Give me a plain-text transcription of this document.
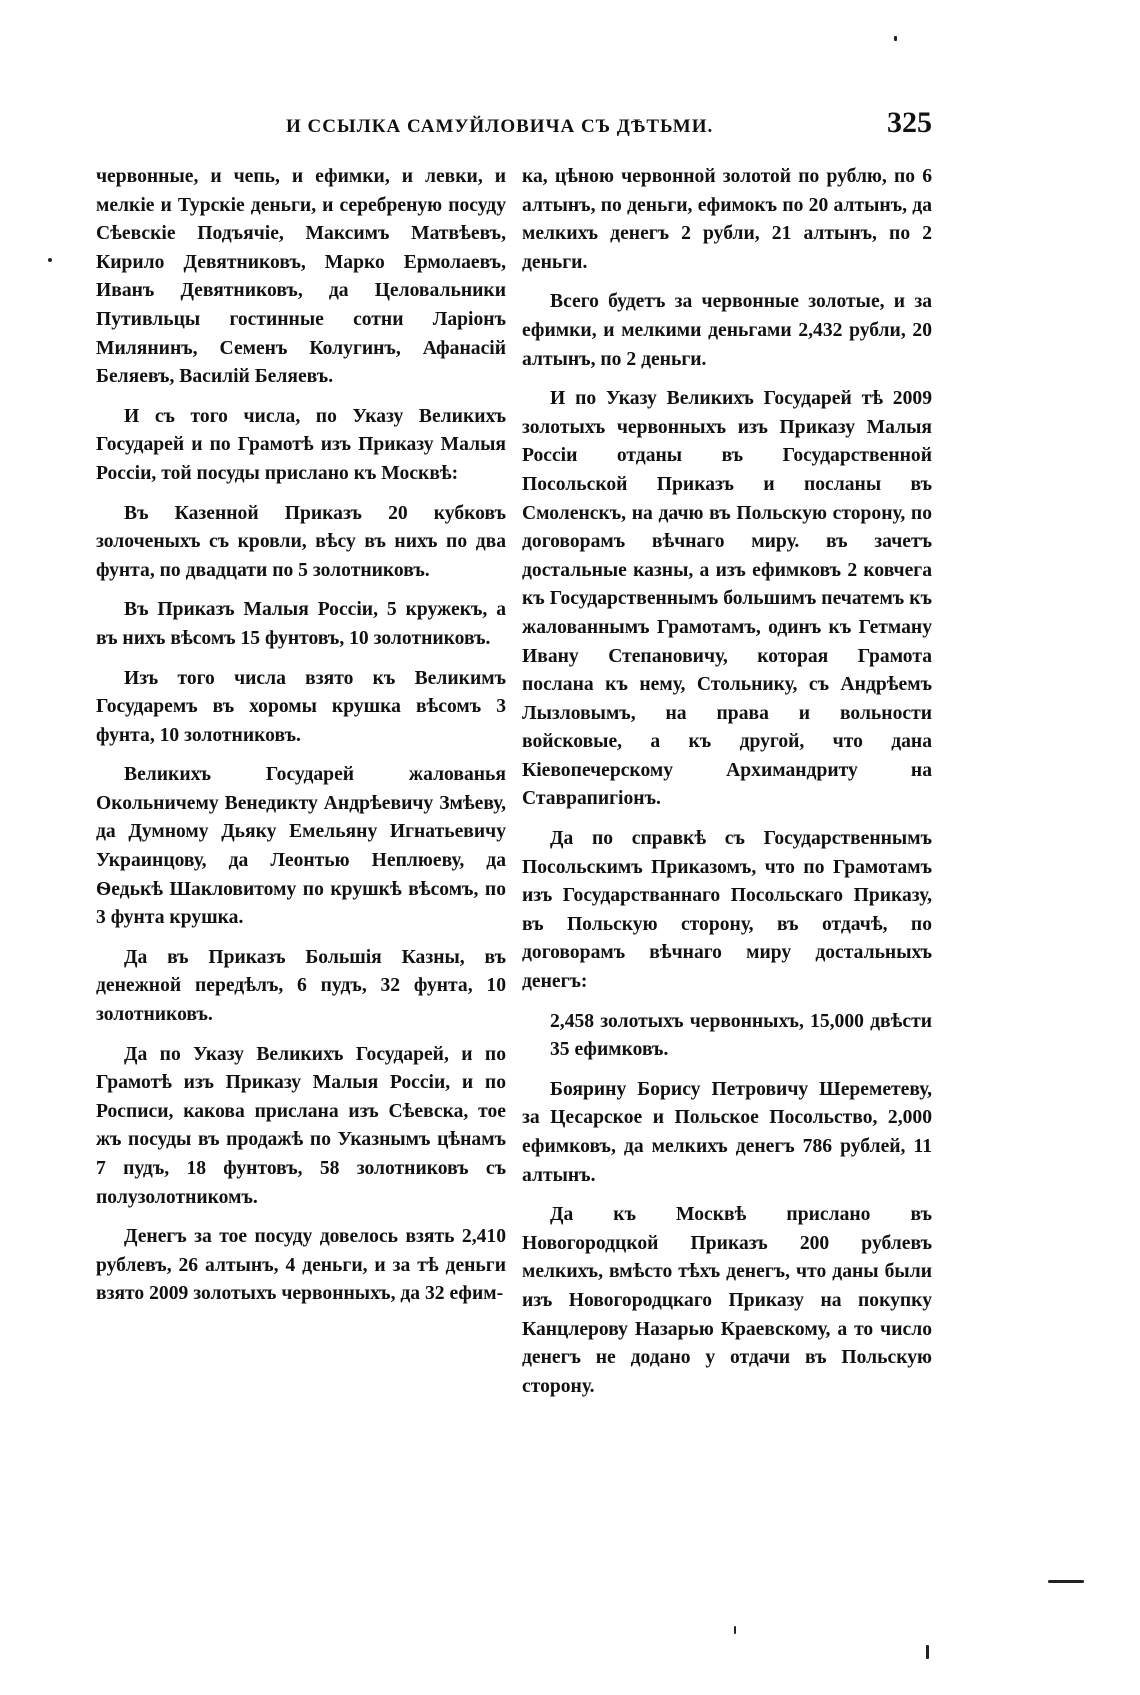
И ССЫЛКА САМУЙЛОВИЧА СЪ ДѢТЬМИ.	325

червонные, и чепь, и ефимки, и левки, и мелкіе и Турскіе деньги, и серебреную посуду Сѣевскіе Подъячіе, Максимъ Матвѣевъ, Кирило Девятниковъ, Марко Ермолаевъ, Иванъ Девятниковъ, да Целовальники Путивльцы гостинные сотни Ларіонъ Милянинъ, Семенъ Колугинъ, Афанасій Беляевъ, Василій Беляевъ.

И съ того числа, по Указу Великихъ Государей и по Грамотѣ изъ Приказу Малыя Россіи, той посуды прислано къ Москвѣ:

Въ Казенной Приказъ 20 кубковъ золоченыхъ съ кровли, вѣсу въ нихъ по два фунта, по двадцати по 5 золотниковъ.

Въ Приказъ Малыя Россіи, 5 кружекъ, а въ нихъ вѣсомъ 15 фунтовъ, 10 золотниковъ.

Изъ того числа взято къ Великимъ Государемъ въ хоромы крушка вѣсомъ 3 фунта, 10 золотниковъ.

Великихъ Государей жалованья Окольничему Венедикту Андрѣевичу Змѣеву, да Думному Дьяку Емельяну Игнатьевичу Украинцову, да Леонтью Неплюеву, да Ѳедькѣ Шакловитому по крушкѣ вѣсомъ, по 3 фунта крушка.

Да въ Приказъ Большія Казны, въ денежной передѣлъ, 6 пудъ, 32 фунта, 10 золотниковъ.

Да по Указу Великихъ Государей, и по Грамотѣ изъ Приказу Малыя Россіи, и по Росписи, какова прислана изъ Сѣевска, тое жъ посуды въ продажѣ по Указнымъ цѣнамъ 7 пудъ, 18 фунтовъ, 58 золотниковъ съ полузолотникомъ.

Денегъ за тое посуду довелось взять 2,410 рублевъ, 26 алтынъ, 4 деньги, и за тѣ деньги взято 2009 золотыхъ червонныхъ, да 32 ефим-

ка, цѣною червонной золотой по рублю, по 6 алтынъ, по деньги, ефимокъ по 20 алтынъ, да мелкихъ денегъ 2 рубли, 21 алтынъ, по 2 деньги.

Всего будетъ за червонные золотые, и за ефимки, и мелкими деньгами 2,432 рубли, 20 алтынъ, по 2 деньги.

И по Указу Великихъ Государей тѣ 2009 золотыхъ червонныхъ изъ Приказу Малыя Россіи отданы въ Государственной Посольской Приказъ и посланы въ Смоленскъ, на дачю въ Польскую сторону, по договорамъ вѣчнаго миру. въ зачетъ достальные казны, а изъ ефимковъ 2 ковчега къ Государственнымъ большимъ печатемъ къ жалованнымъ Грамотамъ, одинъ къ Гетману Ивану Степановичу, которая Грамота послана къ нему, Стольнику, съ Андрѣемъ Лызловымъ, на права и вольности войсковые, а къ другой, что дана Кіевопечерскому Архимандриту на Ставрапигіонъ.

Да по справкѣ съ Государственнымъ Посольскимъ Приказомъ, что по Грамотамъ изъ Государстваннаго Посольскаго Приказу, въ Польскую сторону, въ отдачѣ, по договорамъ вѣчнаго миру достальныхъ денегъ:

2,458 золотыхъ червонныхъ, 15,000 двѣсти 35 ефимковъ.

Боярину Борису Петровичу Шереметеву, за Цесарское и Польское Посольство, 2,000 ефимковъ, да мелкихъ денегъ 786 рублей, 11 алтынъ.

Да къ Москвѣ прислано въ Новогородцкой Приказъ 200 рублевъ мелкихъ, вмѣсто тѣхъ денегъ, что даны были изъ Новогородцкаго Приказу на покупку Канцлерову Назарью Краевскому, а то число денегъ не додано у отдачи въ Польскую сторону.
